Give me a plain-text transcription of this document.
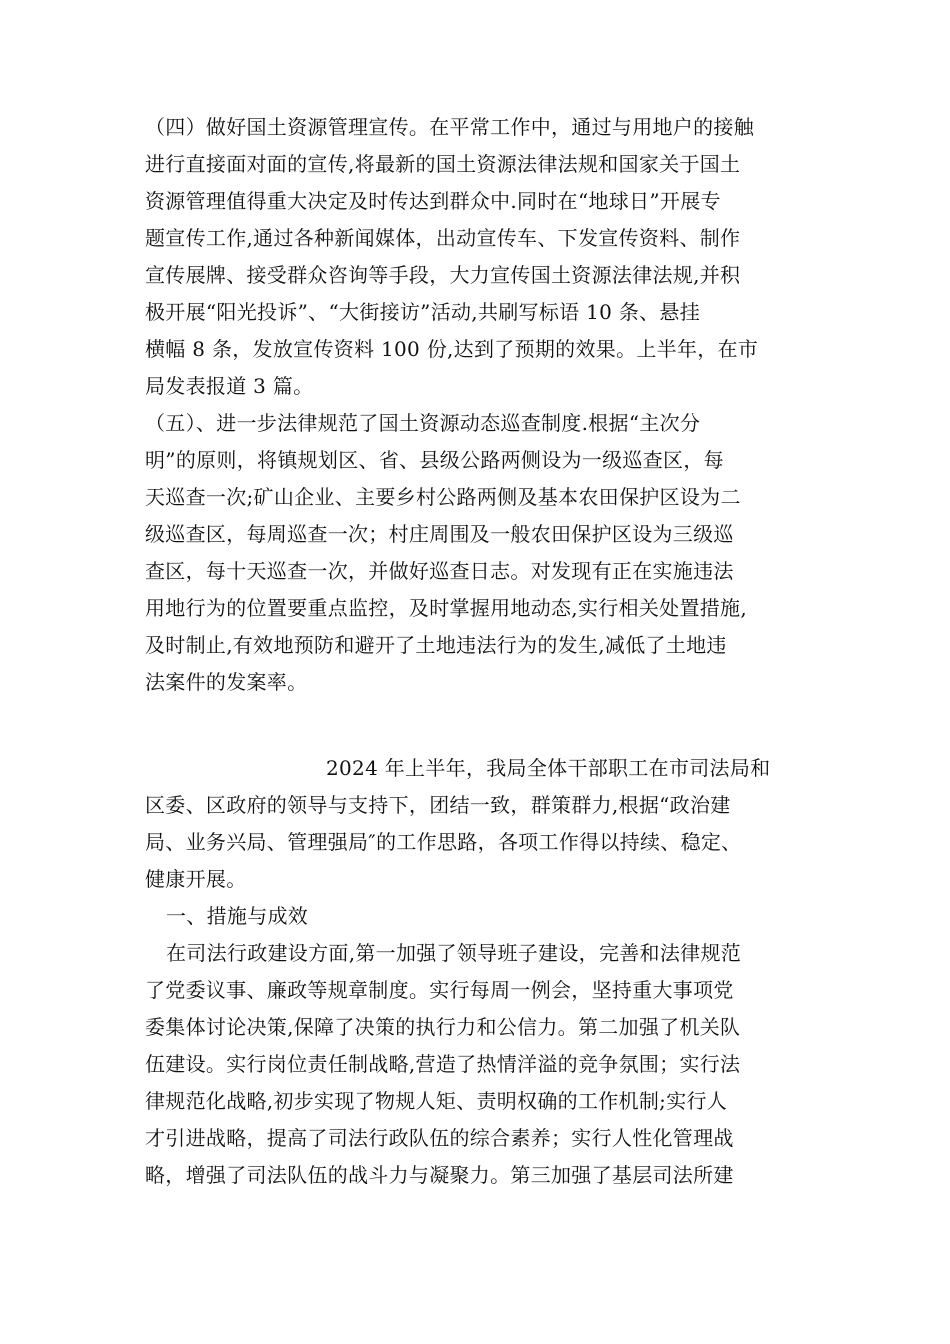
（四）做好国土资源管理宣传。在平常工作中，通过与用地户的接触
进行直接面对面的宣传,将最新的国土资源法律法规和国家关于国土
资源管理值得重大决定及时传达到群众中.同时在“地球日”开展专
题宣传工作,通过各种新闻媒体，出动宣传车、下发宣传资料、制作
宣传展牌、接受群众咨询等手段，大力宣传国土资源法律法规,并积
极开展“阳光投诉”、“大街接访”活动,共刷写标语 10 条、悬挂
横幅 8 条，发放宣传资料 100 份,达到了预期的效果。上半年，在市
局发表报道 3 篇。
（五）、进一步法律规范了国土资源动态巡查制度.根据“主次分
明”的原则，将镇规划区、省、县级公路两侧设为一级巡查区，每
天巡查一次;矿山企业、主要乡村公路两侧及基本农田保护区设为二
级巡查区，每周巡查一次；村庄周围及一般农田保护区设为三级巡
查区，每十天巡查一次，并做好巡查日志。对发现有正在实施违法
用地行为的位置要重点监控，及时掌握用地动态,实行相关处置措施,
及时制止,有效地预防和避开了土地违法行为的发生,减低了土地违
法案件的发案率。
2024 年上半年，我局全体干部职工在市司法局和
区委、区政府的领导与支持下，团结一致，群策群力,根据“政治建
局、业务兴局、管理强局″的工作思路，各项工作得以持续、稳定、
健康开展。
一、措施与成效
在司法行政建设方面,第一加强了领导班子建设，完善和法律规范
了党委议事、廉政等规章制度。实行每周一例会，坚持重大事项党
委集体讨论决策,保障了决策的执行力和公信力。第二加强了机关队
伍建设。实行岗位责任制战略,营造了热情洋溢的竞争氛围；实行法
律规范化战略,初步实现了物规人矩、责明权确的工作机制;实行人
才引进战略，提高了司法行政队伍的综合素养；实行人性化管理战
略，增强了司法队伍的战斗力与凝聚力。第三加强了基层司法所建
